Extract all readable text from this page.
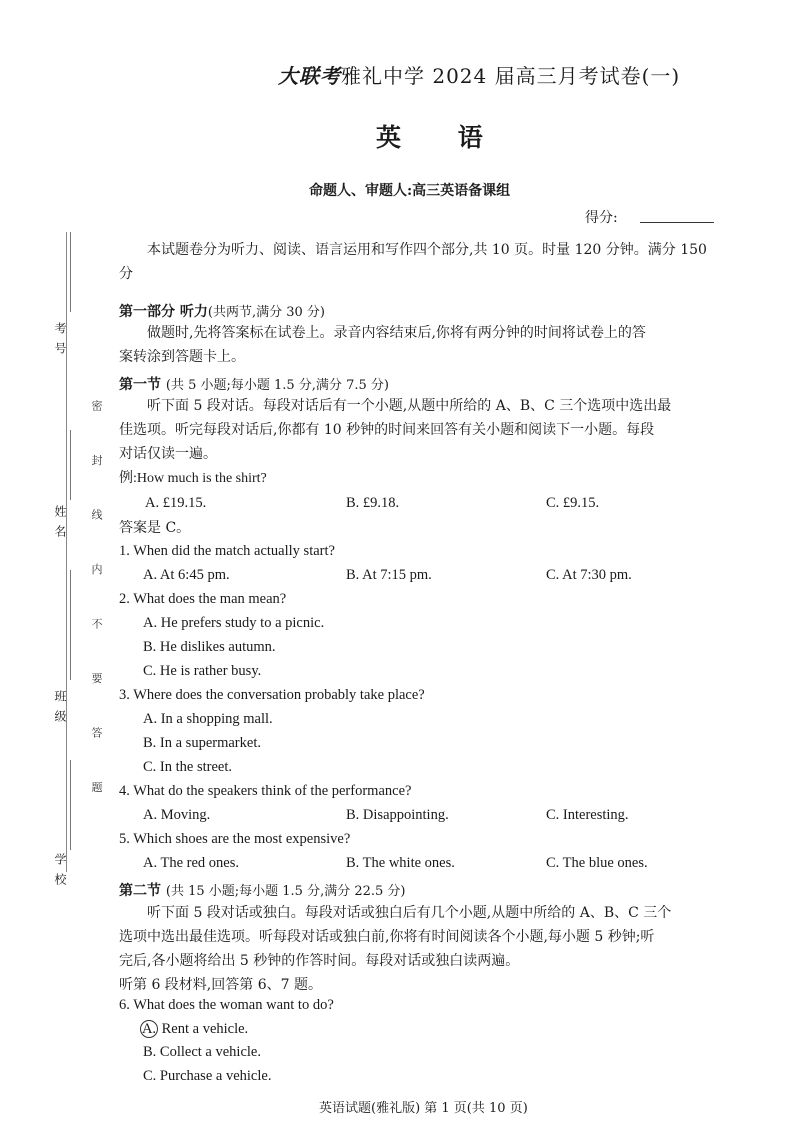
考 号
姓 名
班 级
学 校
密 封 线 内 不 要 答 题
大联考雅礼中学 2024 届高三月考试卷(一)
英 语
命题人、审题人:高三英语备课组
得分:
本试题卷分为听力、阅读、语言运用和写作四个部分,共 10 页。时量 120 分钟。满分 150
分
第一部分 听力(共两节,满分 30 分)
做题时,先将答案标在试卷上。录音内容结束后,你将有两分钟的时间将试卷上的答
案转涂到答题卡上。
第一节 (共 5 小题;每小题 1.5 分,满分 7.5 分)
听下面 5 段对话。每段对话后有一个小题,从题中所给的 A、B、C 三个选项中选出最
佳选项。听完每段对话后,你都有 10 秒钟的时间来回答有关小题和阅读下一小题。每段
对话仅读一遍。
例:How much is the shirt?
A. £19.15.	B. £9.18.	C. £9.15.
答案是 C。
1. When did the match actually start?
A. At 6:45 pm.	B. At 7:15 pm.	C. At 7:30 pm.
2. What does the man mean?
A. He prefers study to a picnic.
B. He dislikes autumn.
C. He is rather busy.
3. Where does the conversation probably take place?
A. In a shopping mall.
B. In a supermarket.
C. In the street.
4. What do the speakers think of the performance?
A. Moving.	B. Disappointing.	C. Interesting.
5. Which shoes are the most expensive?
A. The red ones.	B. The white ones.	C. The blue ones.
第二节 (共 15 小题;每小题 1.5 分,满分 22.5 分)
听下面 5 段对话或独白。每段对话或独白后有几个小题,从题中所给的 A、B、C 三个
选项中选出最佳选项。听每段对话或独白前,你将有时间阅读各个小题,每小题 5 秒钟;听
完后,各小题将给出 5 秒钟的作答时间。每段对话或独白读两遍。
听第 6 段材料,回答第 6、7 题。
6. What does the woman want to do?
A. Rent a vehicle.
B. Collect a vehicle.
C. Purchase a vehicle.
英语试题(雅礼版) 第 1 页(共 10 页)
